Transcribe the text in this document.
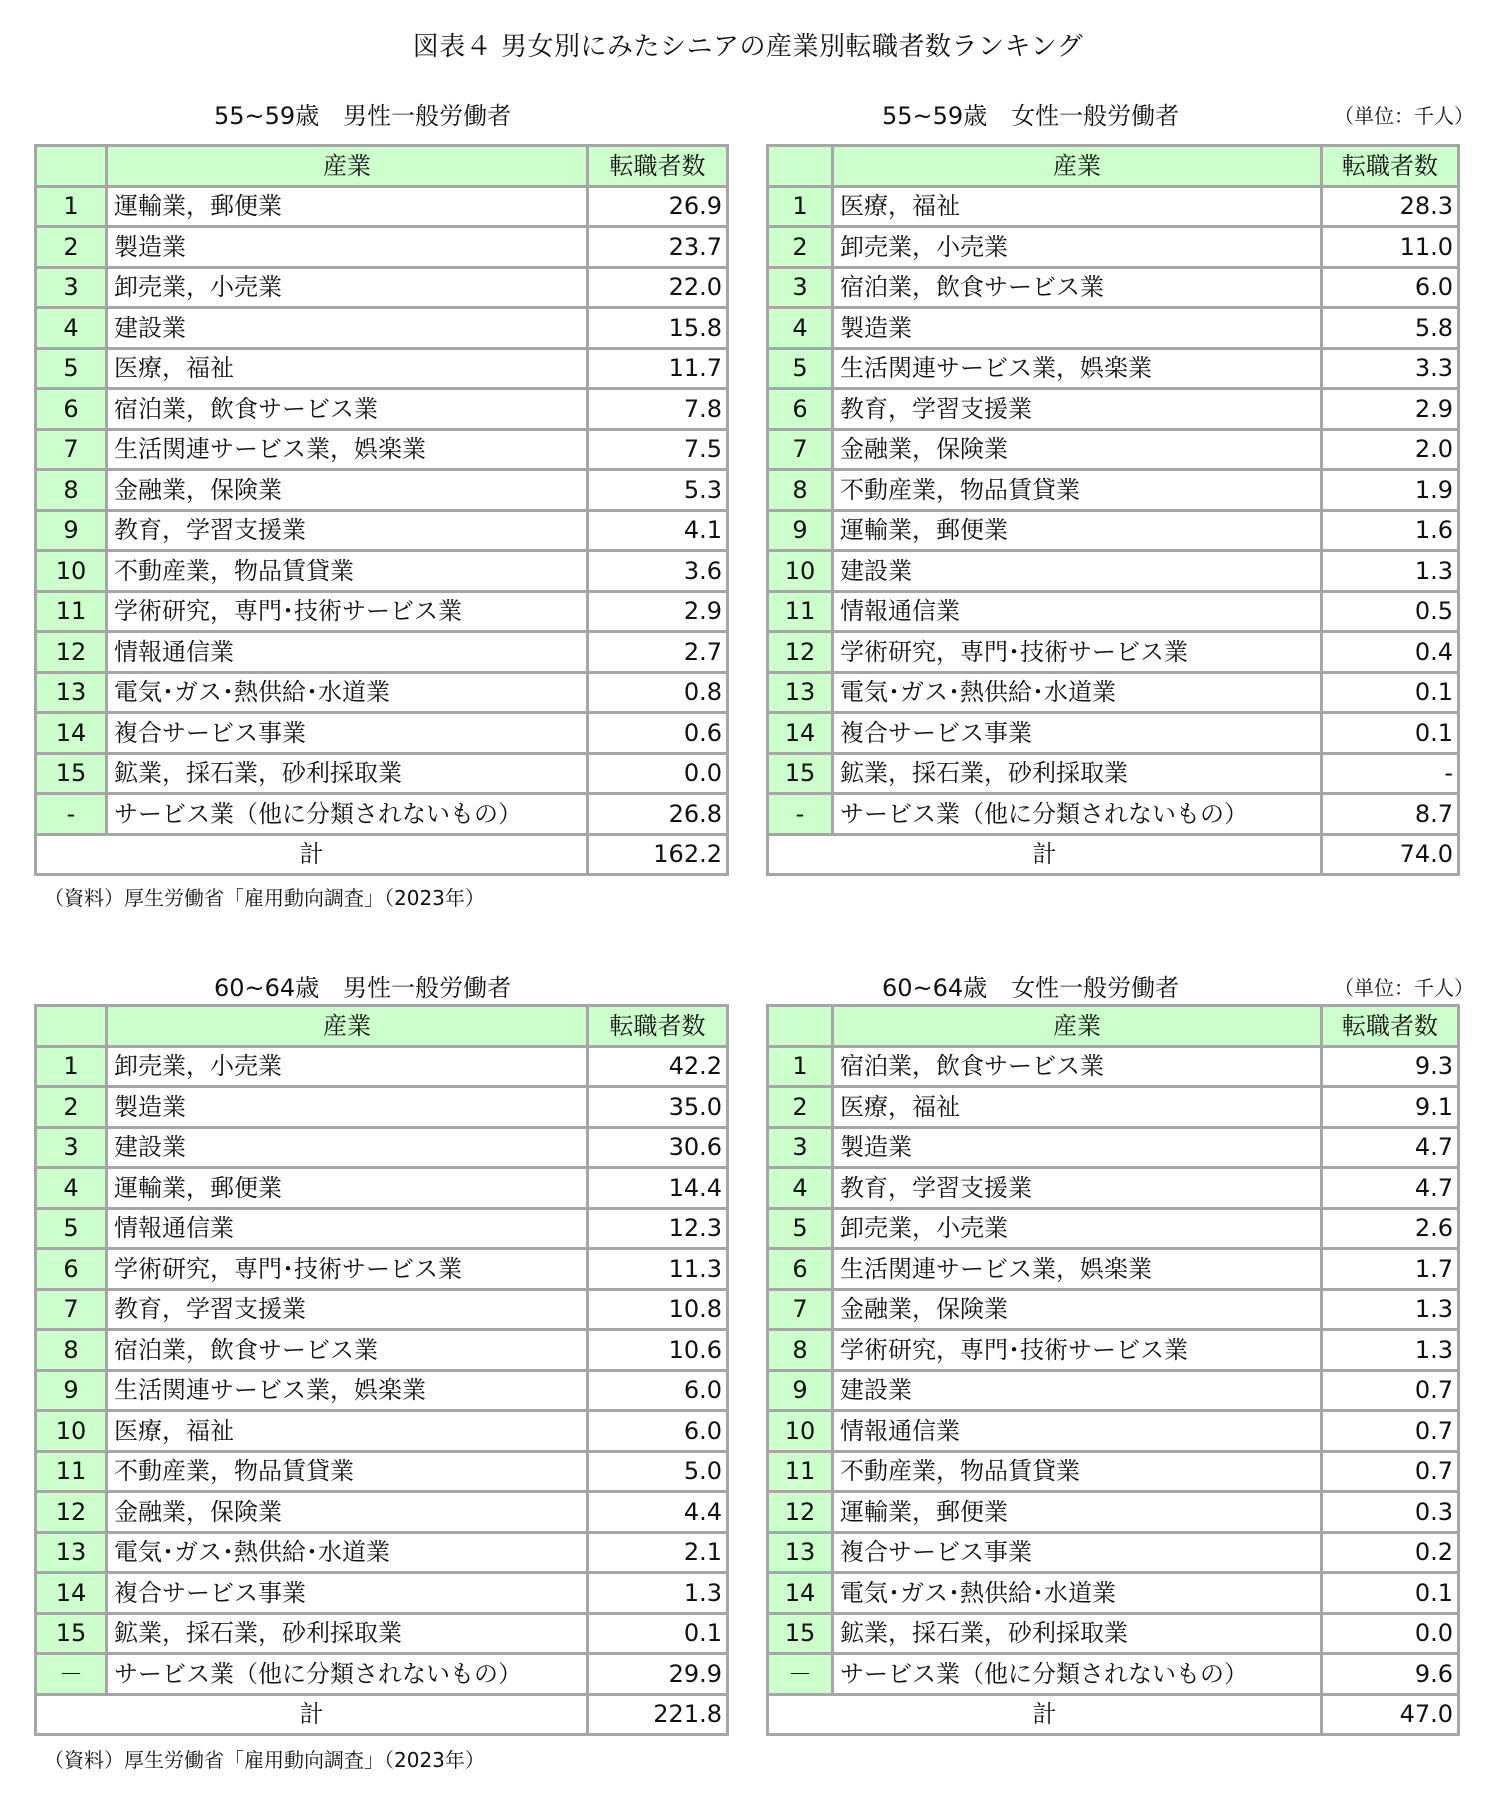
図表４ 男女別にみたシニアの産業別転職者数ランキング
55~59歳　男性一般労働者
	産業	転職者数
1	運輸業，郵便業	26.9
2	製造業	23.7
3	卸売業，小売業	22.0
4	建設業	15.8
5	医療，福祉	11.7
6	宿泊業，飲食サービス業	7.8
7	生活関連サービス業，娯楽業	7.5
8	金融業，保険業	5.3
9	教育，学習支援業	4.1
10	不動産業，物品賃貸業	3.6
11	学術研究，専門･技術サービス業	2.9
12	情報通信業	2.7
13	電気･ガス･熱供給･水道業	0.8
14	複合サービス事業	0.6
15	鉱業，採石業，砂利採取業	0.0
-	サービス業（他に分類されないもの）	26.8
計		162.2
（資料）厚生労働省「雇用動向調査」（2023年）
55~59歳　女性一般労働者	（単位：千人）
	産業	転職者数
1	医療，福祉	28.3
2	卸売業，小売業	11.0
3	宿泊業，飲食サービス業	6.0
4	製造業	5.8
5	生活関連サービス業，娯楽業	3.3
6	教育，学習支援業	2.9
7	金融業，保険業	2.0
8	不動産業，物品賃貸業	1.9
9	運輸業，郵便業	1.6
10	建設業	1.3
11	情報通信業	0.5
12	学術研究，専門･技術サービス業	0.4
13	電気･ガス･熱供給･水道業	0.1
14	複合サービス事業	0.1
15	鉱業，採石業，砂利採取業	-
-	サービス業（他に分類されないもの）	8.7
計		74.0
60~64歳　男性一般労働者
	産業	転職者数
1	卸売業，小売業	42.2
2	製造業	35.0
3	建設業	30.6
4	運輸業，郵便業	14.4
5	情報通信業	12.3
6	学術研究，専門･技術サービス業	11.3
7	教育，学習支援業	10.8
8	宿泊業，飲食サービス業	10.6
9	生活関連サービス業，娯楽業	6.0
10	医療，福祉	6.0
11	不動産業，物品賃貸業	5.0
12	金融業，保険業	4.4
13	電気･ガス･熱供給･水道業	2.1
14	複合サービス事業	1.3
15	鉱業，採石業，砂利採取業	0.1
－	サービス業（他に分類されないもの）	29.9
計		221.8
（資料）厚生労働省「雇用動向調査」（2023年）
60~64歳　女性一般労働者	（単位：千人）
	産業	転職者数
1	宿泊業，飲食サービス業	9.3
2	医療，福祉	9.1
3	製造業	4.7
4	教育，学習支援業	4.7
5	卸売業，小売業	2.6
6	生活関連サービス業，娯楽業	1.7
7	金融業，保険業	1.3
8	学術研究，専門･技術サービス業	1.3
9	建設業	0.7
10	情報通信業	0.7
11	不動産業，物品賃貸業	0.7
12	運輸業，郵便業	0.3
13	複合サービス事業	0.2
14	電気･ガス･熱供給･水道業	0.1
15	鉱業，採石業，砂利採取業	0.0
－	サービス業（他に分類されないもの）	9.6
計		47.0
